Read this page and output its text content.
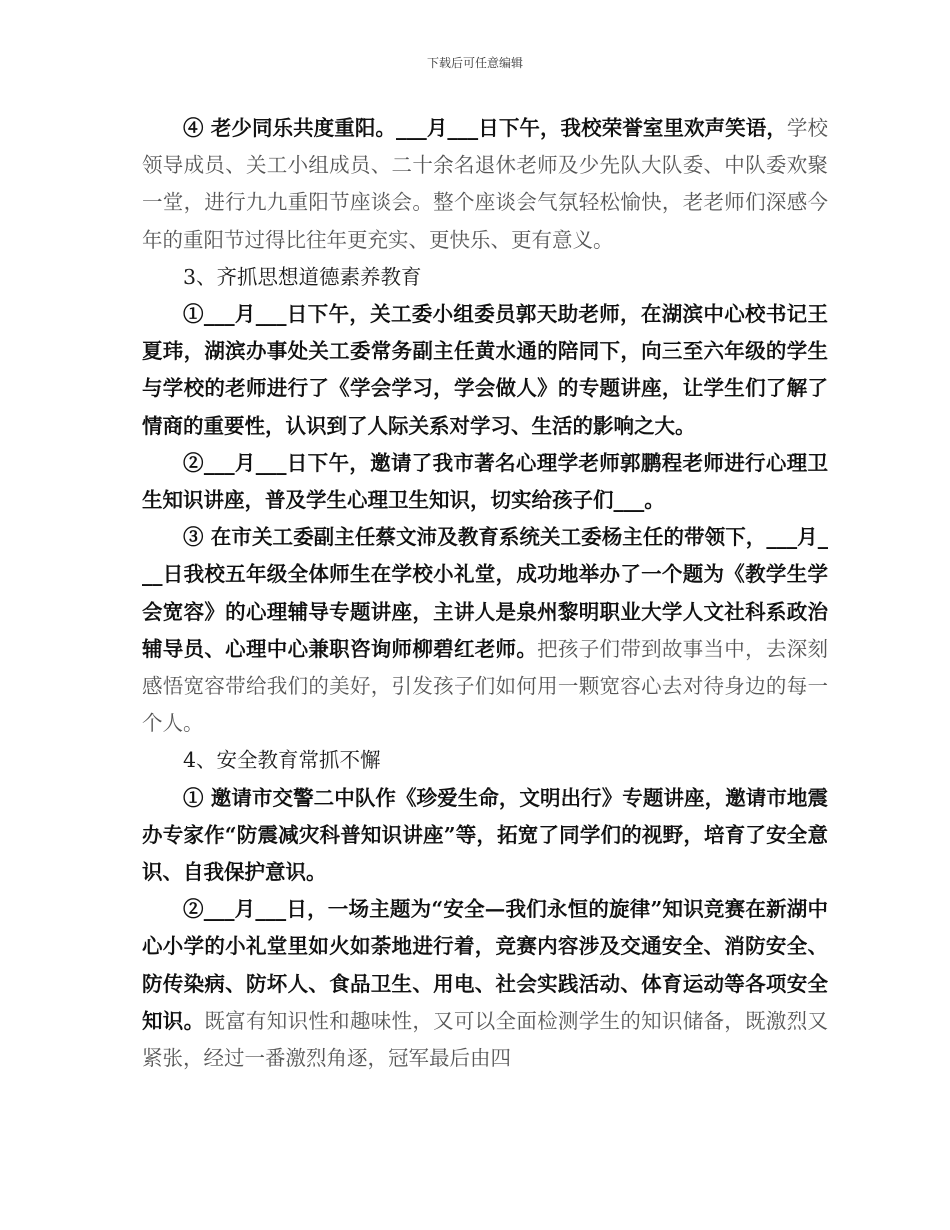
下载后可任意编辑

④ 老少同乐共度重阳。___月___日下午，我校荣誉室里欢声笑语，学校领导成员、关工小组成员、二十余名退休老师及少先队大队委、中队委欢聚一堂，进行九九重阳节座谈会。整个座谈会气氛轻松愉快，老老师们深感今年的重阳节过得比往年更充实、更快乐、更有意义。

3、齐抓思想道德素养教育

①___月___日下午，关工委小组委员郭天助老师，在湖滨中心校书记王夏玮，湖滨办事处关工委常务副主任黄水通的陪同下，向三至六年级的学生与学校的老师进行了《学会学习，学会做人》的专题讲座，让学生们了解了情商的重要性，认识到了人际关系对学习、生活的影响之大。

②___月___日下午，邀请了我市著名心理学老师郭鹏程老师进行心理卫生知识讲座，普及学生心理卫生知识，切实给孩子们___。

③ 在市关工委副主任蔡文沛及教育系统关工委杨主任的带领下，___月___日我校五年级全体师生在学校小礼堂，成功地举办了一个题为《教学生学会宽容》的心理辅导专题讲座，主讲人是泉州黎明职业大学人文社科系政治辅导员、心理中心兼职咨询师柳碧红老师。把孩子们带到故事当中，去深刻感悟宽容带给我们的美好，引发孩子们如何用一颗宽容心去对待身边的每一个人。

4、安全教育常抓不懈

① 邀请市交警二中队作《珍爱生命，文明出行》专题讲座，邀请市地震办专家作“防震减灾科普知识讲座”等，拓宽了同学们的视野，培育了安全意识、自我保护意识。

②___月___日，一场主题为“安全—我们永恒的旋律”知识竞赛在新湖中心小学的小礼堂里如火如荼地进行着，竞赛内容涉及交通安全、消防安全、防传染病、防坏人、食品卫生、用电、社会实践活动、体育运动等各项安全知识。既富有知识性和趣味性，又可以全面检测学生的知识储备，既激烈又紧张，经过一番激烈角逐，冠军最后由四
